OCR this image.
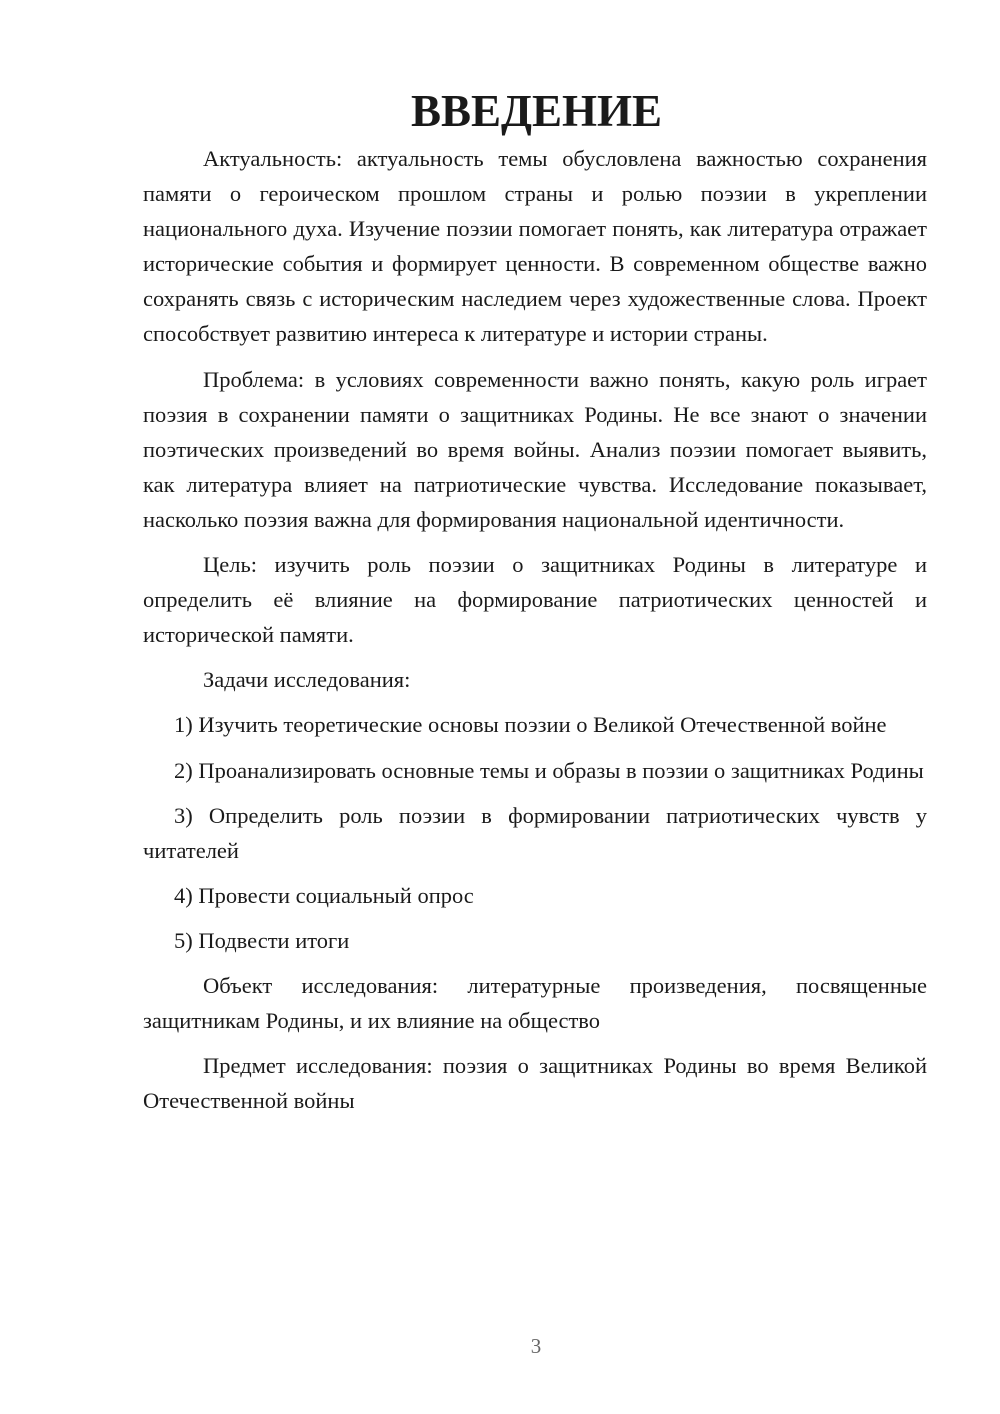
ВВЕДЕНИЕ

Актуальность: актуальность темы обусловлена важностью сохранения памяти о героическом прошлом страны и ролью поэзии в укреплении национального духа. Изучение поэзии помогает понять, как литература отражает исторические события и формирует ценности. В современном обществе важно сохранять связь с историческим наследием через художественные слова. Проект способствует развитию интереса к литературе и истории страны.

Проблема: в условиях современности важно понять, какую роль играет поэзия в сохранении памяти о защитниках Родины. Не все знают о значении поэтических произведений во время войны. Анализ поэзии помогает выявить, как литература влияет на патриотические чувства. Исследование показывает, насколько поэзия важна для формирования национальной идентичности.

Цель: изучить роль поэзии о защитниках Родины в литературе и определить её влияние на формирование патриотических ценностей и исторической памяти.

Задачи исследования:

1) Изучить теоретические основы поэзии о Великой Отечественной войне

2) Проанализировать основные темы и образы в поэзии о защитниках Родины

3) Определить роль поэзии в формировании патриотических чувств у читателей

4) Провести социальный опрос

5) Подвести итоги

Объект исследования: литературные произведения, посвященные защитникам Родины, и их влияние на общество

Предмет исследования: поэзия о защитниках Родины во время Великой Отечественной войны

3
